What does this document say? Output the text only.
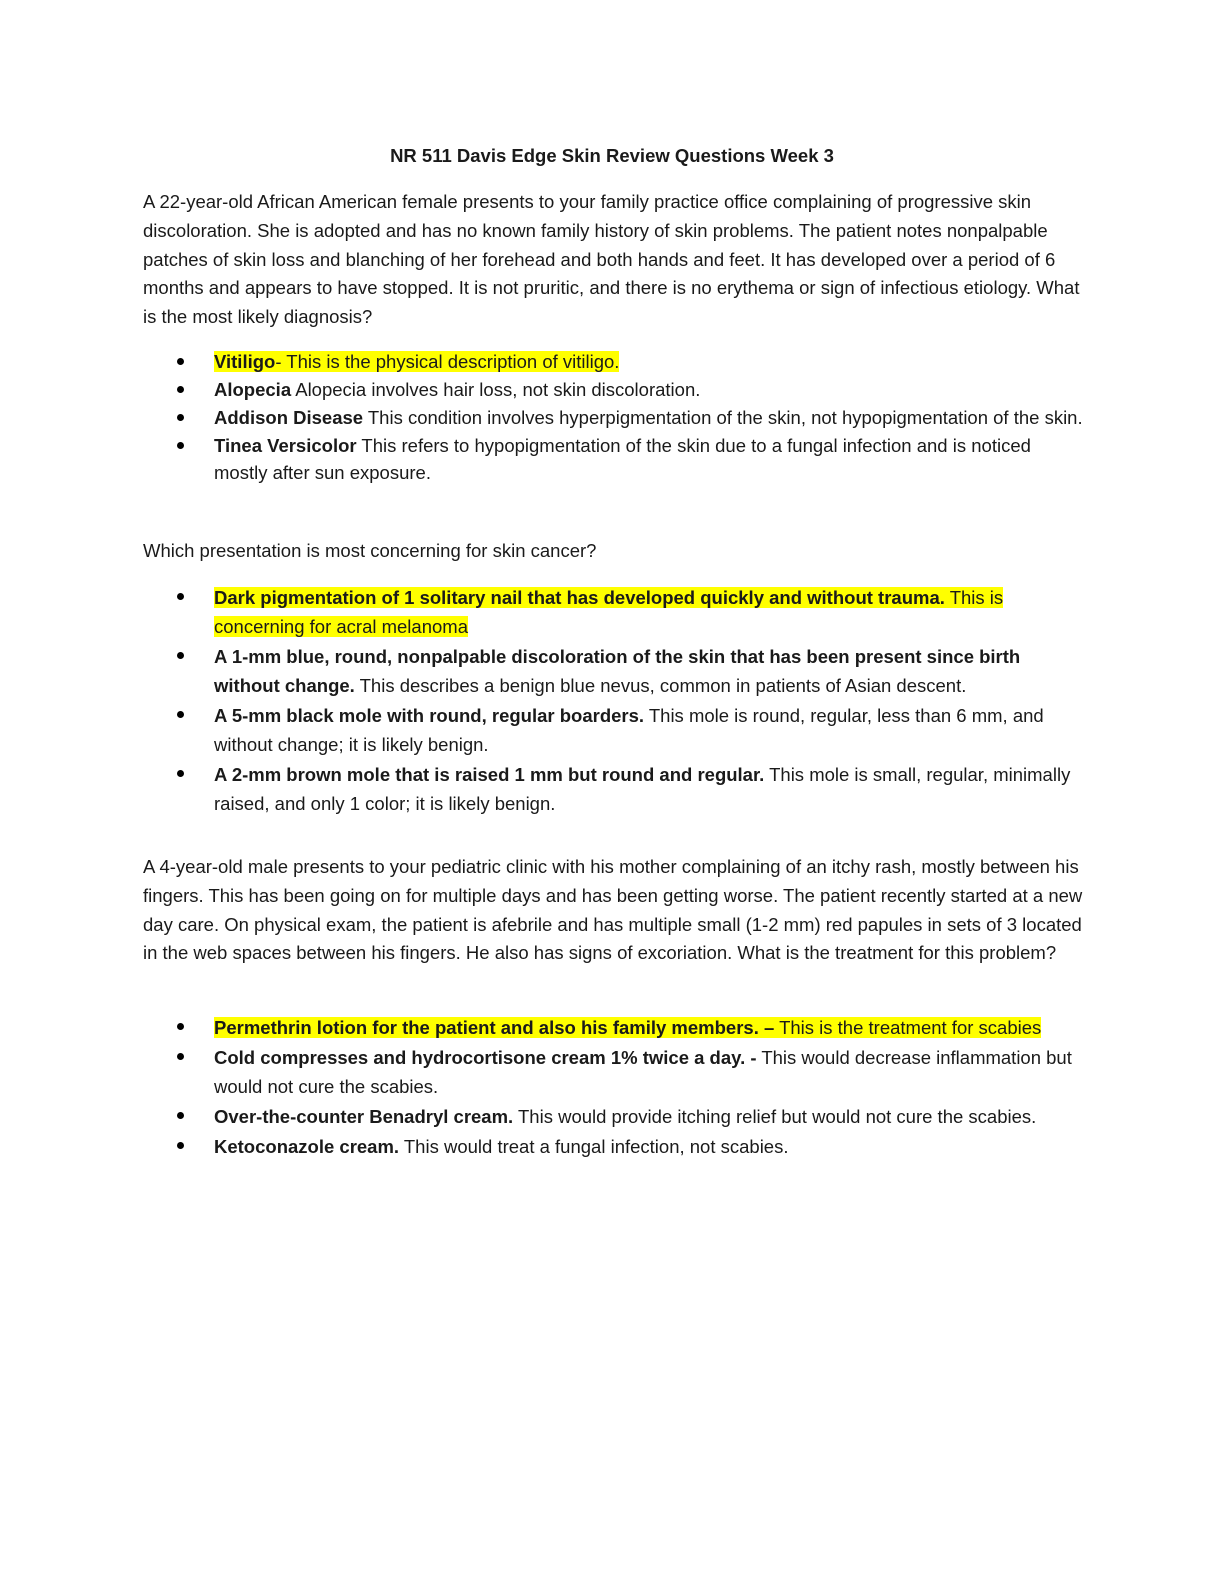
NR 511 Davis Edge Skin Review Questions Week 3

A 22-year-old African American female presents to your family practice office complaining of progressive skin discoloration. She is adopted and has no known family history of skin problems. The patient notes nonpalpable patches of skin loss and blanching of her forehead and both hands and feet. It has developed over a period of 6 months and appears to have stopped. It is not pruritic, and there is no erythema or sign of infectious etiology. What is the most likely diagnosis?

Vitiligo- This is the physical description of vitiligo.
Alopecia Alopecia involves hair loss, not skin discoloration.
Addison Disease This condition involves hyperpigmentation of the skin, not hypopigmentation of the skin.
Tinea Versicolor This refers to hypopigmentation of the skin due to a fungal infection and is noticed mostly after sun exposure.

Which presentation is most concerning for skin cancer?

Dark pigmentation of 1 solitary nail that has developed quickly and without trauma. This is concerning for acral melanoma
A 1-mm blue, round, nonpalpable discoloration of the skin that has been present since birth without change. This describes a benign blue nevus, common in patients of Asian descent.
A 5-mm black mole with round, regular boarders. This mole is round, regular, less than 6 mm, and without change; it is likely benign.
A 2-mm brown mole that is raised 1 mm but round and regular. This mole is small, regular, minimally raised, and only 1 color; it is likely benign.

A 4-year-old male presents to your pediatric clinic with his mother complaining of an itchy rash, mostly between his fingers. This has been going on for multiple days and has been getting worse. The patient recently started at a new day care. On physical exam, the patient is afebrile and has multiple small (1-2 mm) red papules in sets of 3 located in the web spaces between his fingers. He also has signs of excoriation. What is the treatment for this problem?

Permethrin lotion for the patient and also his family members. – This is the treatment for scabies
Cold compresses and hydrocortisone cream 1% twice a day. - This would decrease inflammation but would not cure the scabies.
Over-the-counter Benadryl cream. This would provide itching relief but would not cure the scabies.
Ketoconazole cream. This would treat a fungal infection, not scabies.
